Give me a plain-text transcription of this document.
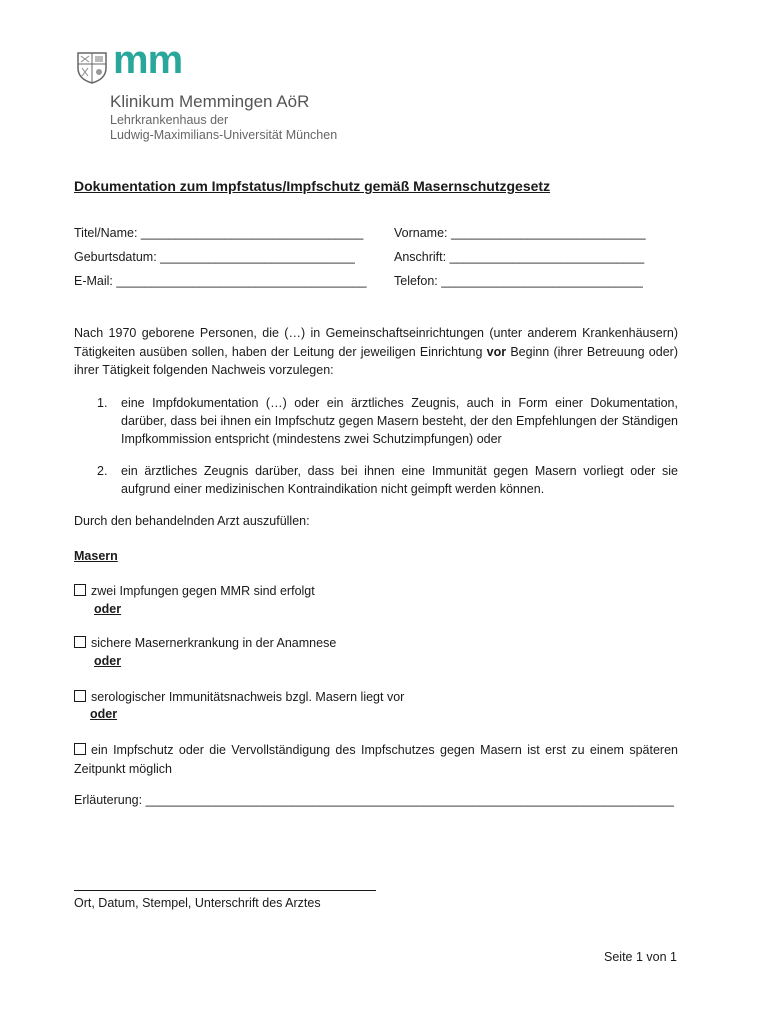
mm
Klinikum Memmingen AöR
Lehrkrankenhaus der
Ludwig-Maximilians-Universität München
Dokumentation zum Impfstatus/Impfschutz gemäß Masernschutzgesetz
Titel/Name: ________________________________ Vorname: ____________________________
Geburtsdatum: ____________________________	Anschrift: ____________________________
E-Mail: ____________________________________ Telefon: _____________________________
Nach 1970 geborene Personen, die (…) in Gemeinschaftseinrichtungen (unter anderem Krankenhäusern) Tätigkeiten ausüben sollen, haben der Leitung der jeweiligen Einrichtung vor Beginn (ihrer Betreuung oder) ihrer Tätigkeit folgenden Nachweis vorzulegen:
1. eine Impfdokumentation (…) oder ein ärztliches Zeugnis, auch in Form einer Dokumentation, darüber, dass bei ihnen ein Impfschutz gegen Masern besteht, der den Empfehlungen der Ständigen Impfkommission entspricht (mindestens zwei Schutzimpfungen) oder
2. ein ärztliches Zeugnis darüber, dass bei ihnen eine Immunität gegen Masern vorliegt oder sie aufgrund einer medizinischen Kontraindikation nicht geimpft werden können.
Durch den behandelnden Arzt auszufüllen:
Masern
zwei Impfungen gegen MMR sind erfolgt
oder
sichere Masernerkrankung in der Anamnese
oder
serologischer Immunitätsnachweis bzgl. Masern liegt vor
oder
ein Impfschutz oder die Vervollständigung des Impfschutzes gegen Masern ist erst zu einem späteren Zeitpunkt möglich
Erläuterung: ____________________________________________________________________________
Ort, Datum, Stempel, Unterschrift des Arztes
Seite 1 von 1
